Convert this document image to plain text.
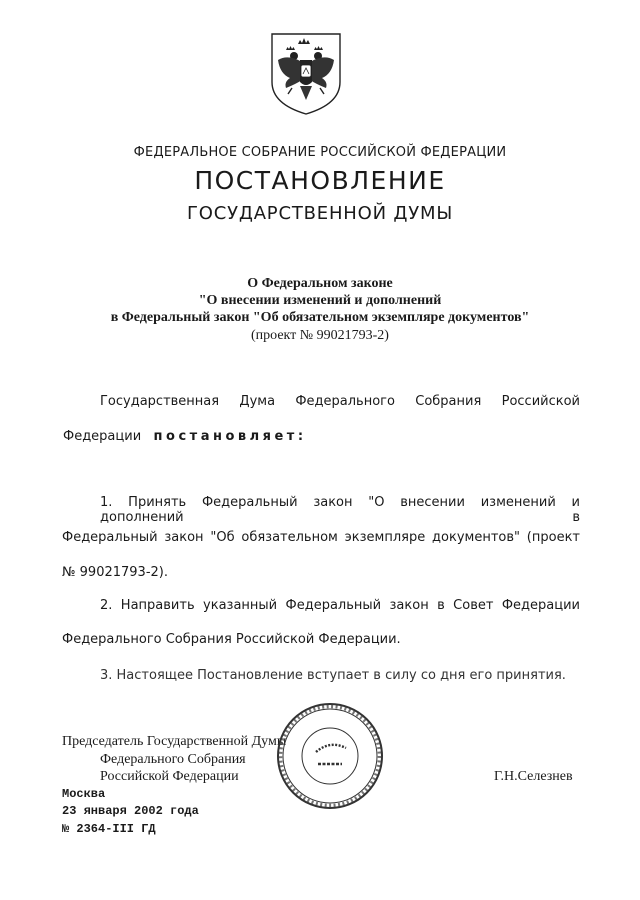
ФЕДЕРАЛЬНОЕ СОБРАНИЕ РОССИЙСКОЙ ФЕДЕРАЦИИ
ПОСТАНОВЛЕНИЕ
ГОСУДАРСТВЕННОЙ ДУМЫ
О Федеральном законе
"О внесении изменений и дополнений
в Федеральный закон "Об обязательном экземпляре документов"
(проект № 99021793-2)
Государственная Дума Федерального Собрания Российской
Федерации постановляет:
1. Принять Федеральный закон "О внесении изменений и дополнений в
Федеральный закон "Об обязательном экземпляре документов" (проект
№ 99021793-2).
2. Направить указанный Федеральный закон в Совет Федерации
Федерального Собрания Российской Федерации.
3. Настоящее Постановление вступает в силу со дня его принятия.
Председатель Государственной Думы
Федерального Собрания
Российской Федерации	Г.Н.Селезнев
Москва
23 января 2002 года
№ 2364-III ГД
